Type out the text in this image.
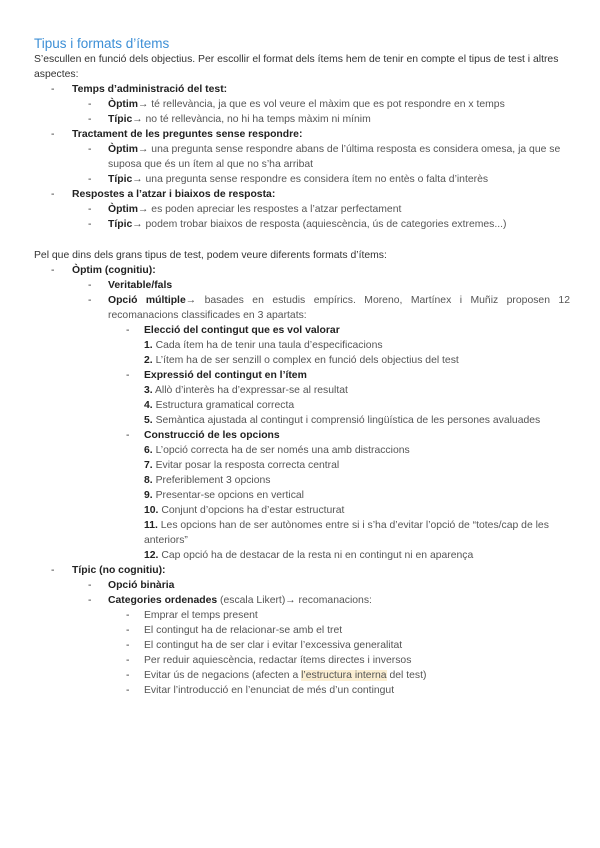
Tipus i formats d’ítems

S’escullen en funció dels objectius. Per escollir el format dels ítems hem de tenir en compte el tipus de test i altres aspectes:

- Temps d’administració del test:
- Òptim→ té rellevància, ja que es vol veure el màxim que es pot respondre en x temps
- Típic→ no té rellevància, no hi ha temps màxim ni mínim
- Tractament de les preguntes sense respondre:
- Òptim→ una pregunta sense respondre abans de l’última resposta es considera omesa, ja que se suposa que és un ítem al que no s’ha arribat
- Típic→ una pregunta sense respondre es considera ítem no entès o falta d’interès
- Respostes a l’atzar i biaixos de resposta:
- Òptim→ es poden apreciar les respostes a l’atzar perfectament
- Típic→ podem trobar biaixos de resposta (aquiescència, ús de categories extremes...)

Pel que dins dels grans tipus de test, podem veure diferents formats d’ítems:

- Òptim (cognitiu):
- Veritable/fals
- Opció múltiple→ basades en estudis empírics. Moreno, Martínex i Muñiz proposen 12 recomanacions classificades en 3 apartats:
- Elecció del contingut que es vol valorar
1. Cada ítem ha de tenir una taula d’especificacions
2. L’ítem ha de ser senzill o complex en funció dels objectius del test
- Expressió del contingut en l’ítem
3. Allò d’interès ha d’expressar-se al resultat
4. Estructura gramatical correcta
5. Semàntica ajustada al contingut i comprensió lingüística de les persones avaluades
- Construcció de les opcions
6. L’opció correcta ha de ser només una amb distraccions
7. Evitar posar la resposta correcta central
8. Preferiblement 3 opcions
9. Presentar-se opcions en vertical
10. Conjunt d’opcions ha d’estar estructurat
11. Les opcions han de ser autònomes entre si i s’ha d’evitar l’opció de “totes/cap de les anteriors”
12. Cap opció ha de destacar de la resta ni en contingut ni en aparença
- Típic (no cognitiu):
- Opció binària
- Categories ordenades (escala Likert)→ recomanacions:
- Emprar el temps present
- El contingut ha de relacionar-se amb el tret
- El contingut ha de ser clar i evitar l’excessiva generalitat
- Per reduir aquiescència, redactar ítems directes i inversos
- Evitar ús de negacions (afecten a l’estructura interna del test)
- Evitar l’introducció en l’enunciat de més d’un contingut
